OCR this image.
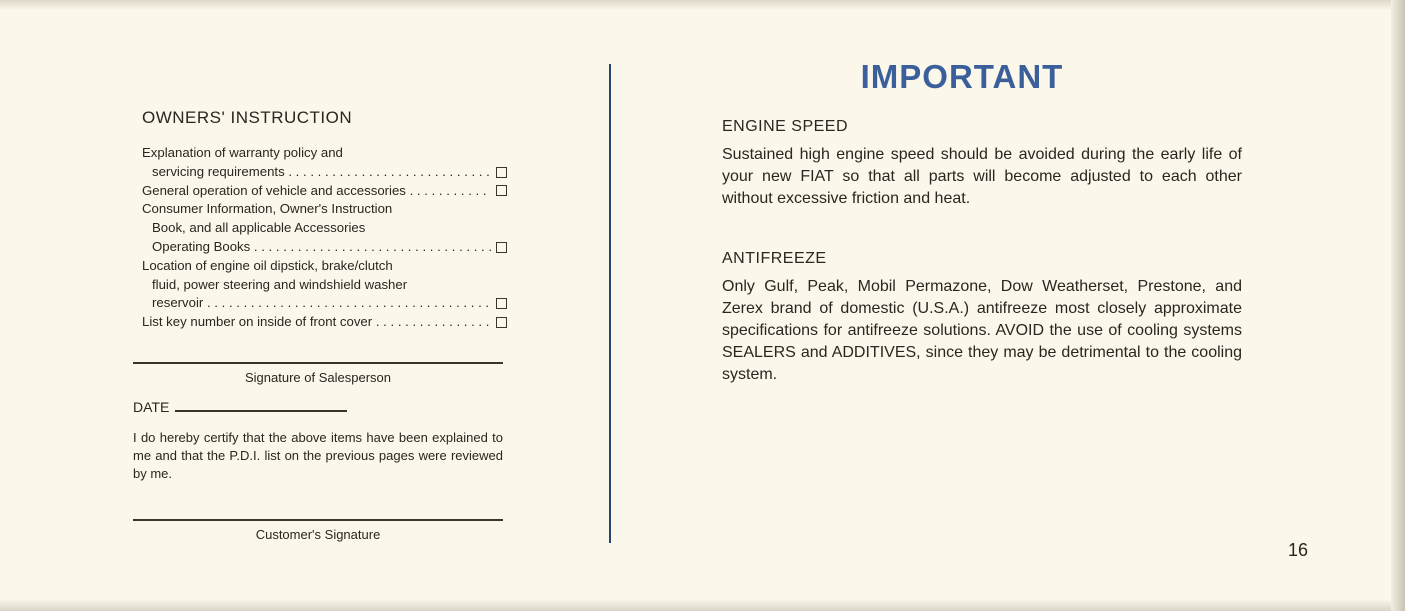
OWNERS' INSTRUCTION
Explanation of warranty policy and
servicing requirements . . .
General operation of vehicle and accessories . . .
Consumer Information, Owner's Instruction
Book, and all applicable Accessories
Operating Books . . .
Location of engine oil dipstick, brake/clutch
fluid, power steering and windshield washer
reservoir . . .
List key number on inside of front cover . . .
Signature of Salesperson
DATE
I do hereby certify that the above items have been explained to me and that the P.D.I. list on the previous pages were reviewed by me.
Customer's Signature
IMPORTANT
ENGINE SPEED
Sustained high engine speed should be avoided during the early life of your new FIAT so that all parts will become adjusted to each other without excessive friction and heat.
ANTIFREEZE
Only Gulf, Peak, Mobil Permazone, Dow Weatherset, Prestone, and Zerex brand of domestic (U.S.A.) antifreeze most closely approximate specifications for antifreeze solutions. AVOID the use of cooling systems SEALERS and ADDITIVES, since they may be detrimental to the cooling system.
16
